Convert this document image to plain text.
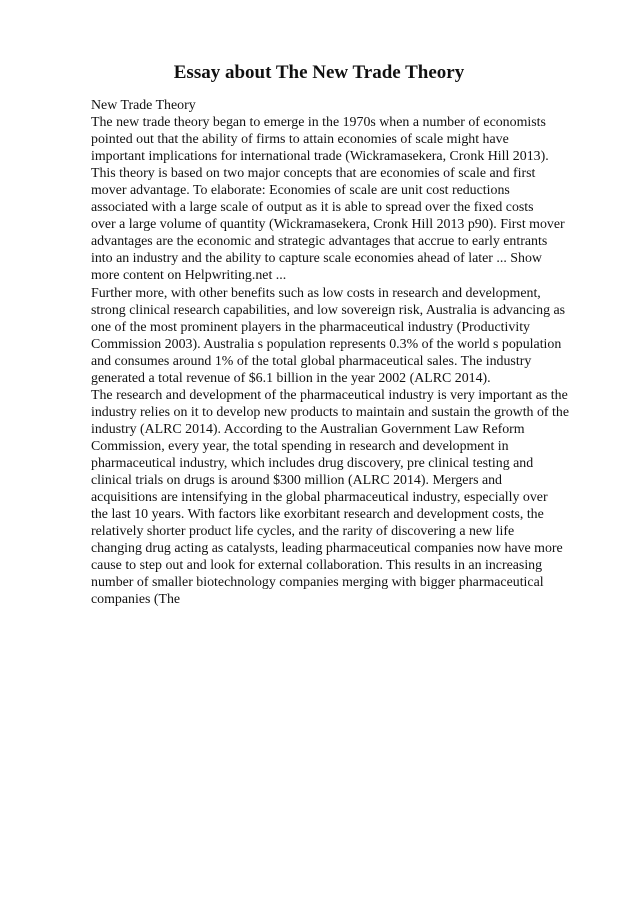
Essay about The New Trade Theory
New Trade Theory
The new trade theory began to emerge in the 1970s when a number of economists
pointed out that the ability of firms to attain economies of scale might have
important implications for international trade (Wickramasekera, Cronk Hill 2013).
This theory is based on two major concepts that are economies of scale and first
mover advantage. To elaborate: Economies of scale are unit cost reductions
associated with a large scale of output as it is able to spread over the fixed costs
over a large volume of quantity (Wickramasekera, Cronk Hill 2013 p90). First mover
advantages are the economic and strategic advantages that accrue to early entrants
into an industry and the ability to capture scale economies ahead of later ... Show
more content on Helpwriting.net ...
Further more, with other benefits such as low costs in research and development,
strong clinical research capabilities, and low sovereign risk, Australia is advancing as
one of the most prominent players in the pharmaceutical industry (Productivity
Commission 2003). Australia s population represents 0.3% of the world s population
and consumes around 1% of the total global pharmaceutical sales. The industry
generated a total revenue of $6.1 billion in the year 2002 (ALRC 2014).
The research and development of the pharmaceutical industry is very important as the
industry relies on it to develop new products to maintain and sustain the growth of the
industry (ALRC 2014). According to the Australian Government Law Reform
Commission, every year, the total spending in research and development in
pharmaceutical industry, which includes drug discovery, pre clinical testing and
clinical trials on drugs is around $300 million (ALRC 2014). Mergers and
acquisitions are intensifying in the global pharmaceutical industry, especially over
the last 10 years. With factors like exorbitant research and development costs, the
relatively shorter product life cycles, and the rarity of discovering a new life
changing drug acting as catalysts, leading pharmaceutical companies now have more
cause to step out and look for external collaboration. This results in an increasing
number of smaller biotechnology companies merging with bigger pharmaceutical
companies (The
